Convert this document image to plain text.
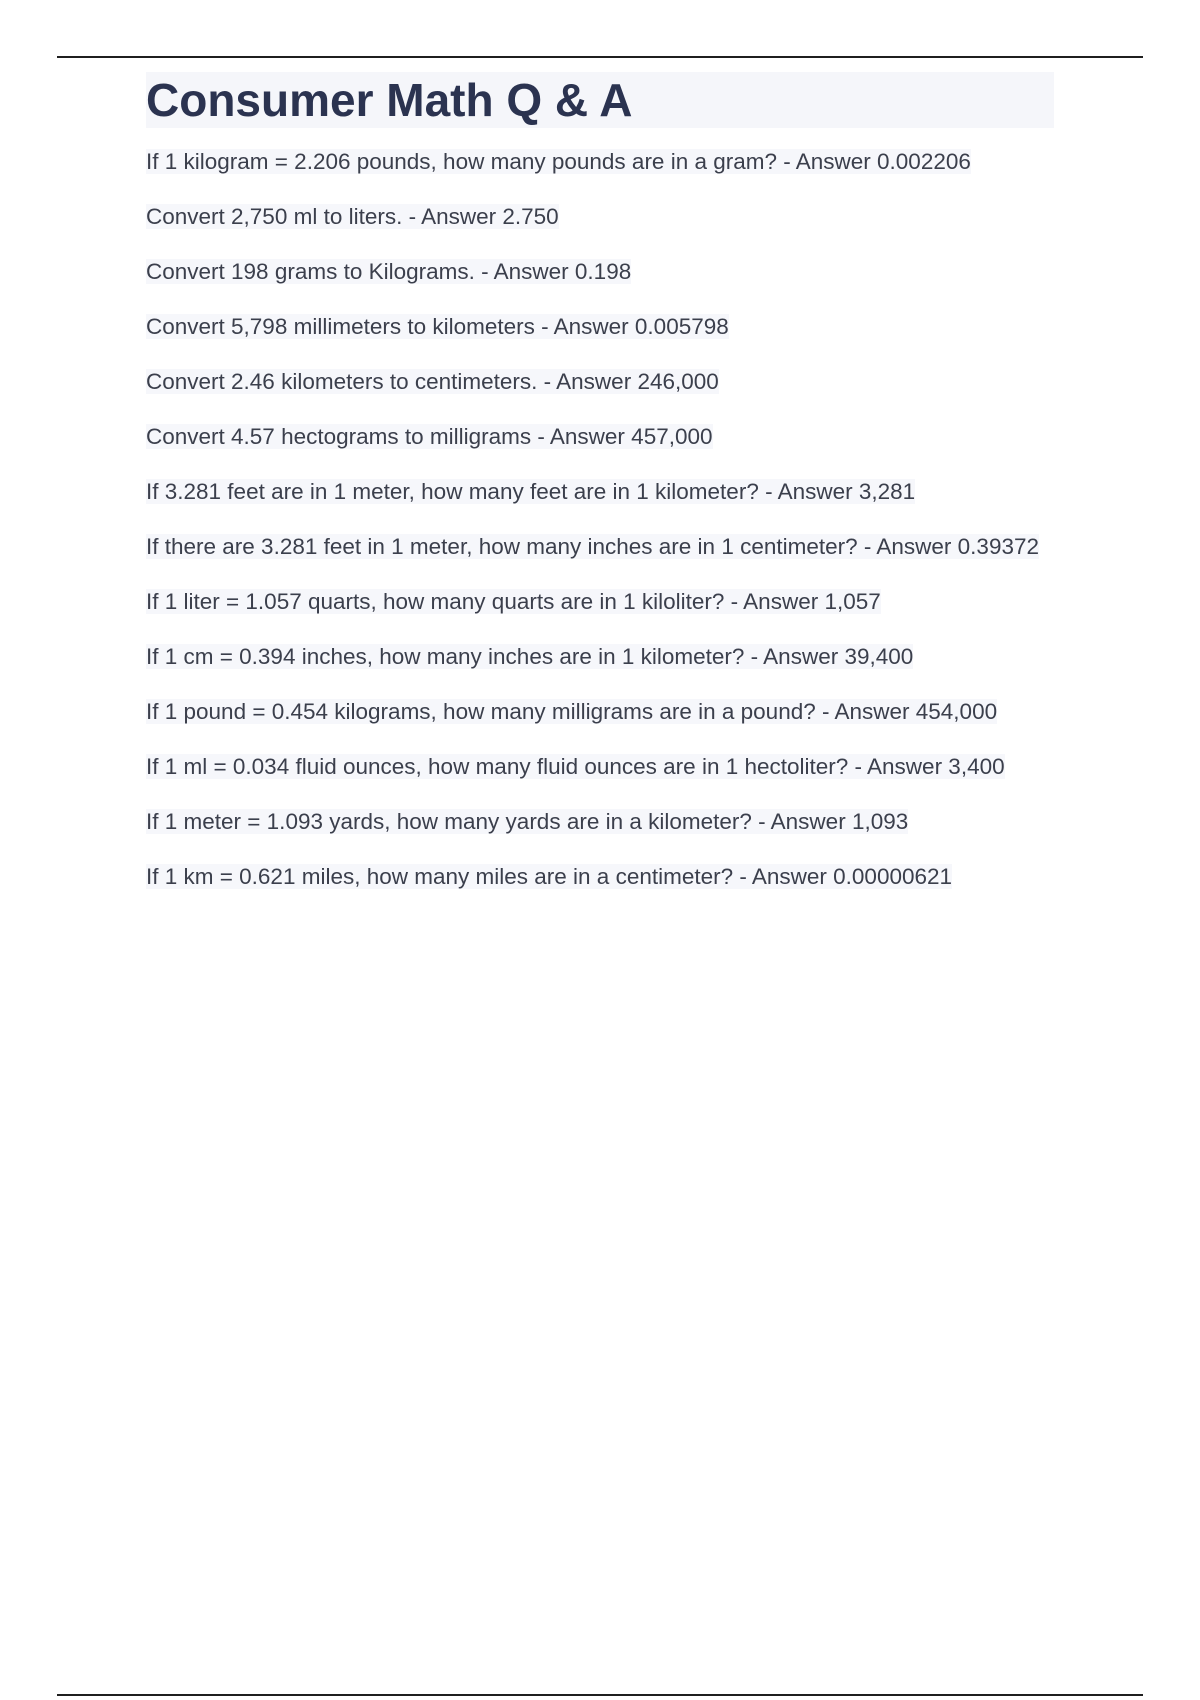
Consumer Math Q & A
If 1 kilogram = 2.206 pounds, how many pounds are in a gram? - Answer 0.002206
Convert 2,750 ml to liters. - Answer 2.750
Convert 198 grams to Kilograms. - Answer 0.198
Convert 5,798 millimeters to kilometers - Answer 0.005798
Convert 2.46 kilometers to centimeters. - Answer 246,000
Convert 4.57 hectograms to milligrams - Answer 457,000
If 3.281 feet are in 1 meter, how many feet are in 1 kilometer? - Answer 3,281
If there are 3.281 feet in 1 meter, how many inches are in 1 centimeter? - Answer 0.39372
If 1 liter = 1.057 quarts, how many quarts are in 1 kiloliter? - Answer 1,057
If 1 cm = 0.394 inches, how many inches are in 1 kilometer? - Answer 39,400
If 1 pound = 0.454 kilograms, how many milligrams are in a pound? - Answer 454,000
If 1 ml = 0.034 fluid ounces, how many fluid ounces are in 1 hectoliter? - Answer 3,400
If 1 meter = 1.093 yards, how many yards are in a kilometer? - Answer 1,093
If 1 km = 0.621 miles, how many miles are in a centimeter? - Answer 0.00000621
